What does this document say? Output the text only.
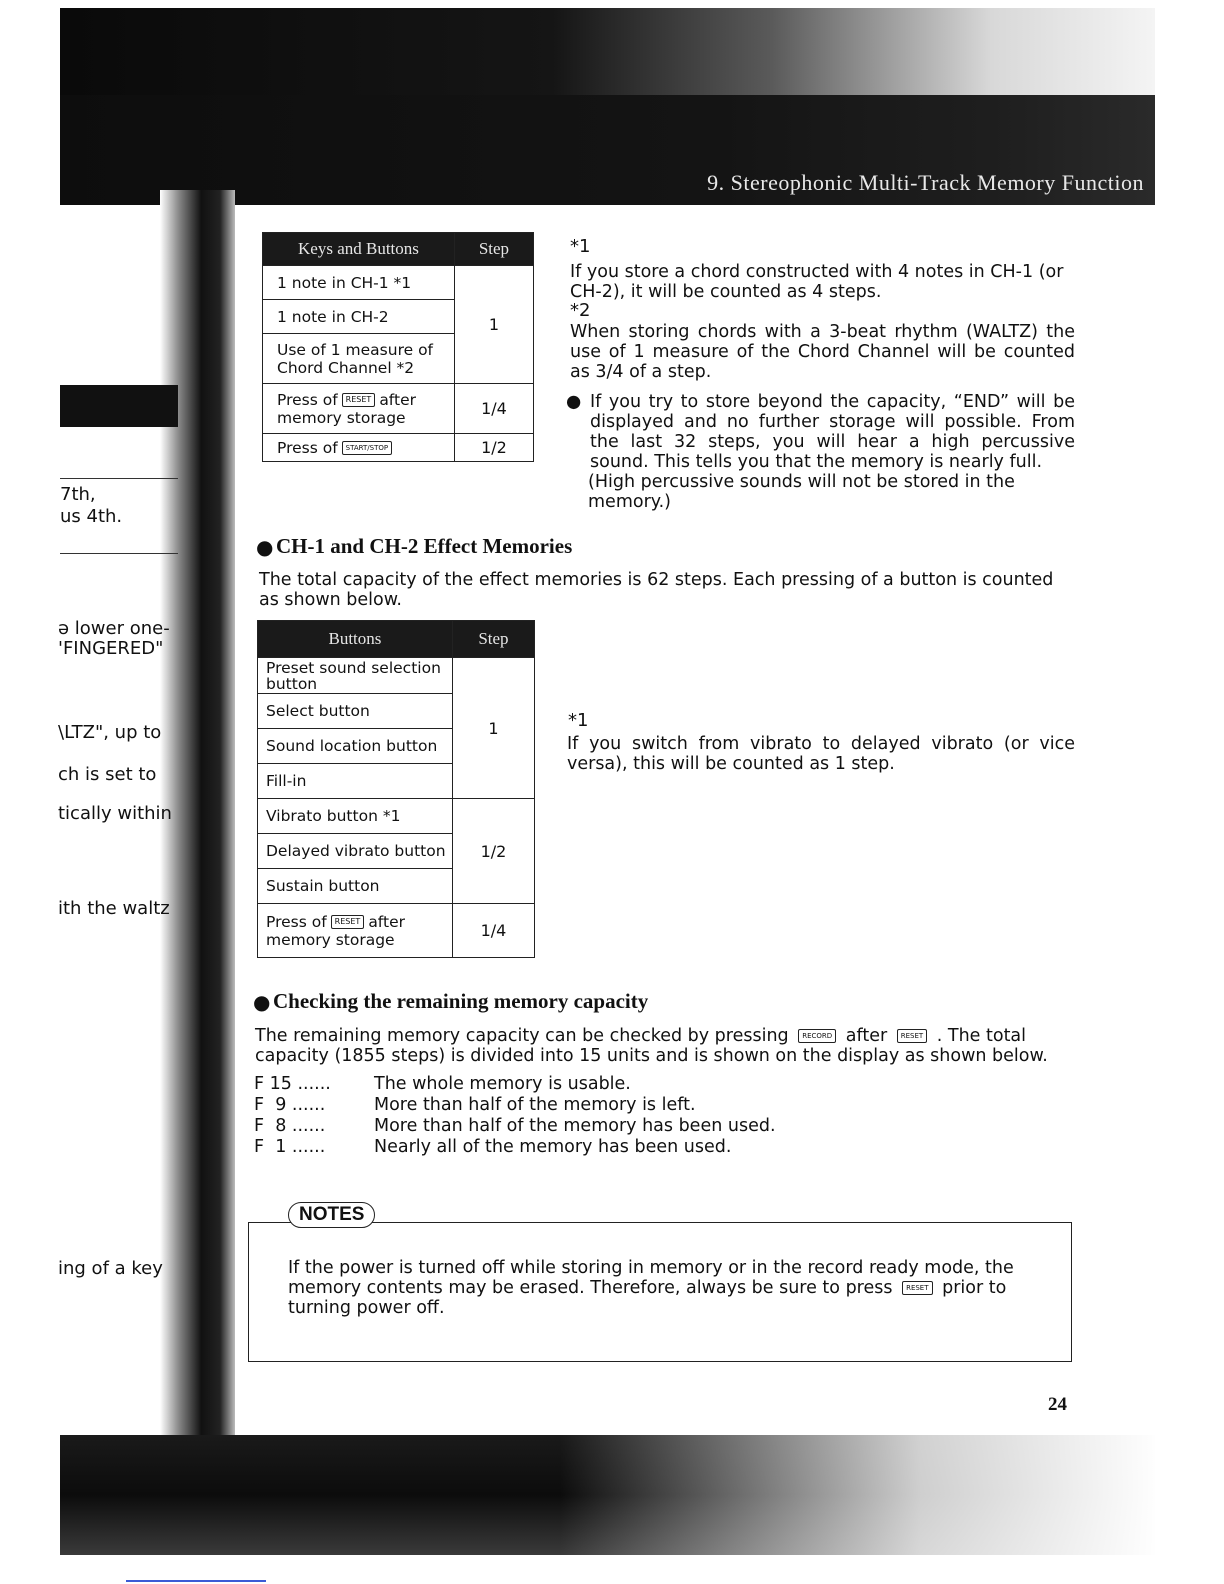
9. Stereophonic Multi-Track Memory Function
7th,
us 4th.
ə lower one-
'FINGERED"
\LTZ", up to
ch is set to
tically within
ith the waltz
ing of a key
Keys and Buttons	Step
1 note in CH-1 *1	1
1 note in CH-2	

Use of 1 measure of
Chord Channel *2	

Press of RESET after
memory storage	1/4
Press of START/STOP	1/2
*1
If you store a chord constructed with 4 notes in CH-1 (or CH-2), it will be counted as 4 steps.
*2
When storing chords with a 3-beat rhythm (WALTZ) the use of 1 measure of the Chord Channel will be counted as 3/4 of a step.
● If you try to store beyond the capacity, “END” will be displayed and no further storage will possible. From the last 32 steps, you will hear a high percussive sound. This tells you that the memory is nearly full.
(High percussive sounds will not be stored in the memory.)
● CH-1 and CH-2 Effect Memories
The total capacity of the effect memories is 62 steps. Each pressing of a button is counted as shown below.
Buttons	Step

Preset sound selection
button	1
Select button	
Sound location button	
Fill-in	
Vibrato button *1	1/2
Delayed vibrato button	
Sustain button	

Press of RESET after
memory storage	1/4
*1
If you switch from vibrato to delayed vibrato (or vice versa), this will be counted as 1 step.
● Checking the remaining memory capacity
The remaining memory capacity can be checked by pressing RECORD after RESET . The total capacity (1855 steps) is divided into 15 units and is shown on the display as shown below.
F 15 ......	The whole memory is usable.
F  9 ......	More than half of the memory is left.
F  8 ......	More than half of the memory has been used.
F  1 ......	Nearly all of the memory has been used.
NOTES
If the power is turned off while storing in memory or in the record ready mode, the memory contents may be erased. Therefore, always be sure to press RESET prior to turning power off.
24
